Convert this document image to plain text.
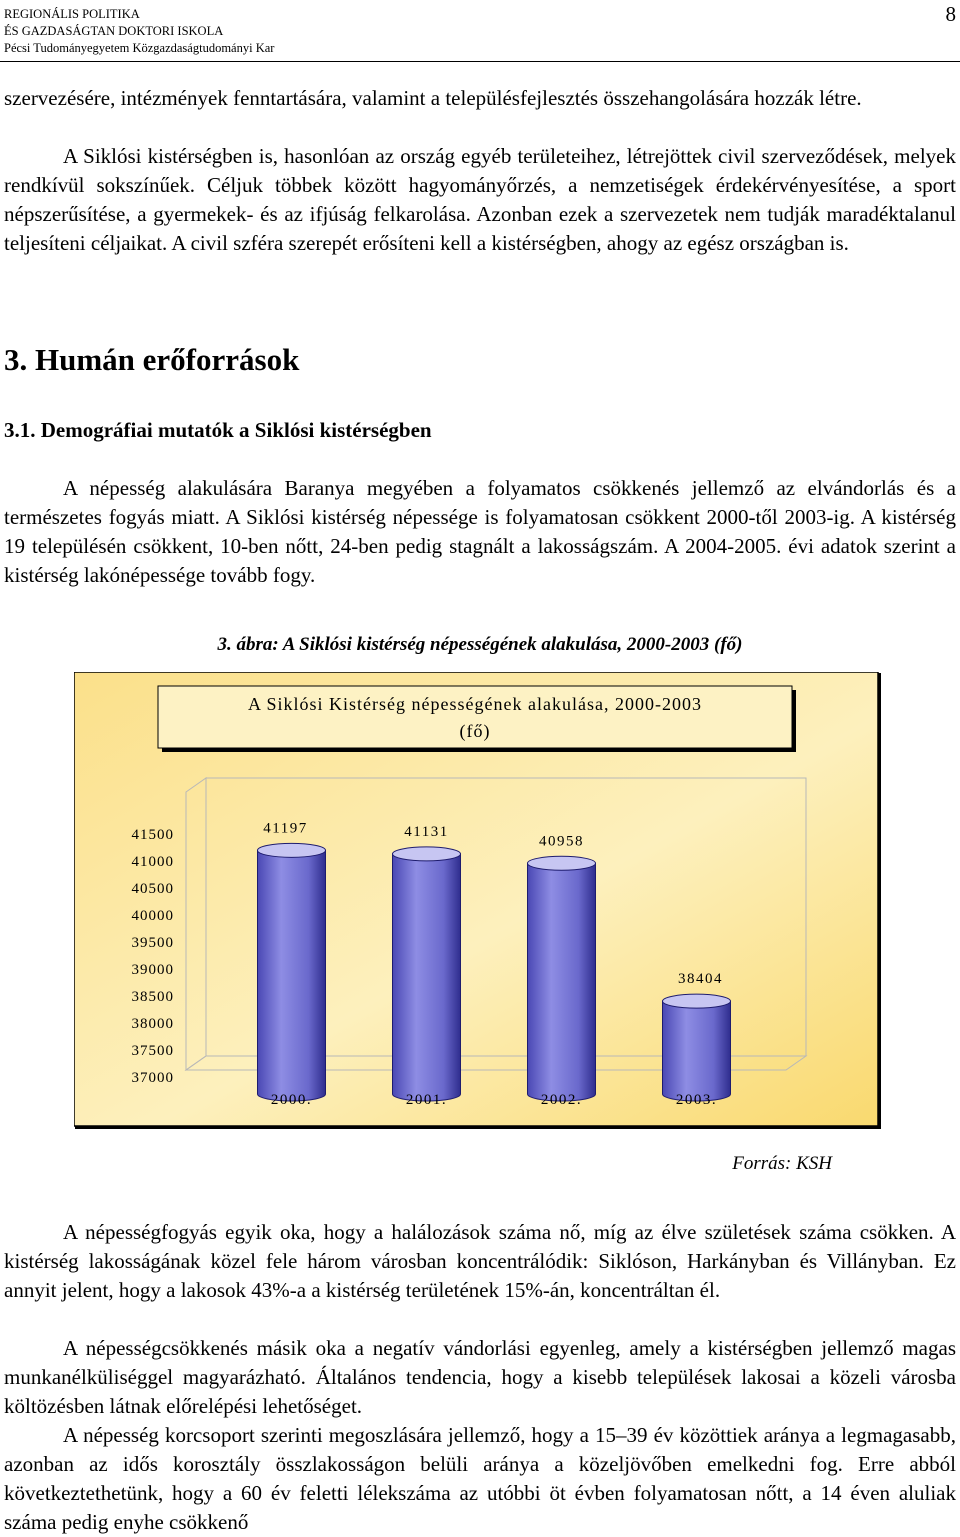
REGIONÁLIS POLITIKA
ÉS GAZDASÁGTAN DOKTORI ISKOLA
Pécsi Tudományegyetem Közgazdaságtudományi Kar
8

szervezésére, intézmények fenntartására, valamint a településfejlesztés összehangolására hozzák létre.

A Siklósi kistérségben is, hasonlóan az ország egyéb területeihez, létrejöttek civil szerveződések, melyek rendkívül sokszínűek. Céljuk többek között hagyományőrzés, a nemzetiségek érdekérvényesítése, a sport népszerűsítése, a gyermekek- és az ifjúság felkarolása. Azonban ezek a szervezetek nem tudják maradéktalanul teljesíteni céljaikat. A civil szféra szerepét erősíteni kell a kistérségben, ahogy az egész országban is.

3. Humán erőforrások
3.1. Demográfiai mutatók a Siklósi kistérségben

A népesség alakulására Baranya megyében a folyamatos csökkenés jellemző az elvándorlás és a természetes fogyás miatt. A Siklósi kistérség népessége is folyamatosan csökkent 2000-től 2003-ig. A kistérség 19 településén csökkent, 10-ben nőtt, 24-ben pedig stagnált a lakosságszám. A 2004-2005. évi adatok szerint a kistérség lakónépessége tovább fogy.

3. ábra: A Siklósi kistérség népességének alakulása, 2000-2003 (fő)

A Siklósi Kistérség népességének alakulása, 2000-2003
(fő)
37000
37500
38000
38500
39000
39500
40000
40500
41000
41500	41197	41131
40958
38404
2000.	2001.	2002.	2003.
Forrás: KSH

A népességfogyás egyik oka, hogy a halálozások száma nő, míg az élve születések száma csökken. A kistérség lakosságának közel fele három városban koncentrálódik: Siklóson, Harkányban és Villányban. Ez annyit jelent, hogy a lakosok 43%-a a kistérség területének 15%-án, koncentráltan él.

A népességcsökkenés másik oka a negatív vándorlási egyenleg, amely a kistérségben jellemző magas munkanélküliséggel magyarázható. Általános tendencia, hogy a kisebb települések lakosai a közeli városba költözésben látnak előrelépési lehetőséget.

A népesség korcsoport szerinti megoszlására jellemző, hogy a 15–39 év közöttiek aránya a legmagasabb, azonban az idős korosztály összlakosságon belüli aránya a közeljövőben emelkedni fog. Erre abból következtethetünk, hogy a 60 év feletti lélekszáma az utóbbi öt évben folyamatosan nőtt, a 14 éven aluliak száma pedig enyhe csökkenő
